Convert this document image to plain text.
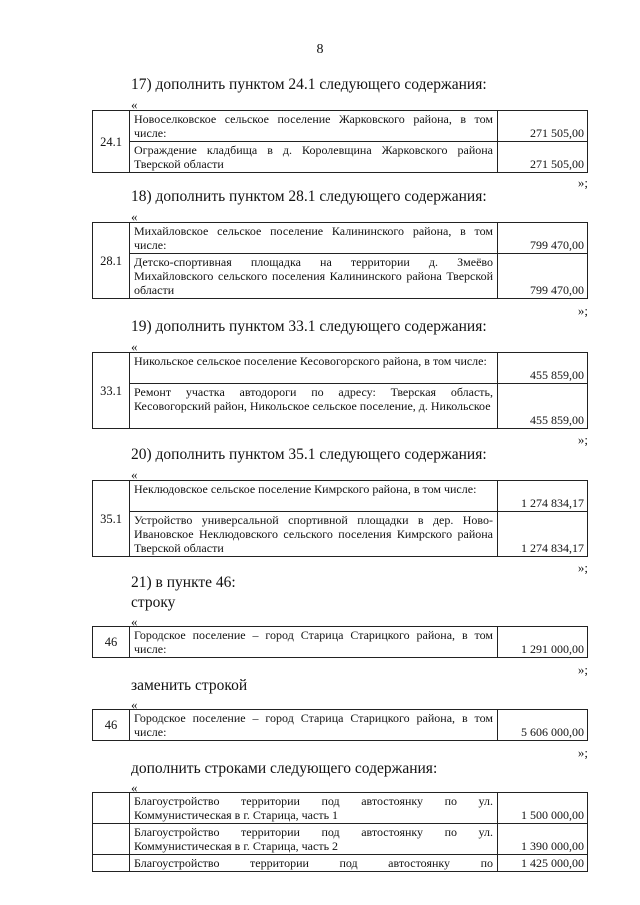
8
17) дополнить пунктом 24.1 следующего содержания:
«
24.1	Новоселковское сельское поселение Жарковского района, в том числе:	271 505,00
	Ограждение кладбища в д. Королевщина Жарковского района Тверской области	271 505,00
»;
18) дополнить пунктом 28.1 следующего содержания:
«
28.1	Михайловское сельское поселение Калининского района, в том числе:	799 470,00
	Детско-спортивная площадка на территории д. Змеёво Михайловского сельского поселения Калининского района Тверской области	799 470,00
»;
19) дополнить пунктом 33.1 следующего содержания:
«
33.1	Никольское сельское поселение Кесовогорского района, в том числе:	455 859,00
	Ремонт участка автодороги по адресу: Тверская область, Кесовогорский район, Никольское сельское поселение, д. Никольское	455 859,00
»;
20) дополнить пунктом 35.1 следующего содержания:
«
35.1	Неклюдовское сельское поселение Кимрского района, в том числе:	1 274 834,17
	Устройство универсальной спортивной площадки в дер. Ново-Ивановское Неклюдовского сельского поселения Кимрского района Тверской области	1 274 834,17
»;
21) в пункте 46:
строку
«
46	Городское поселение – город Старица Старицкого района, в том числе:	1 291 000,00
»;
заменить строкой
«
46	Городское поселение – город Старица Старицкого района, в том числе:	5 606 000,00
»;
дополнить строками следующего содержания:
«
	Благоустройство территории под автостоянку по ул. Коммунистическая в г. Старица, часть 1	1 500 000,00
	Благоустройство территории под автостоянку по ул. Коммунистическая в г. Старица, часть 2	1 390 000,00
	Благоустройство территории под автостоянку по	1 425 000,00
